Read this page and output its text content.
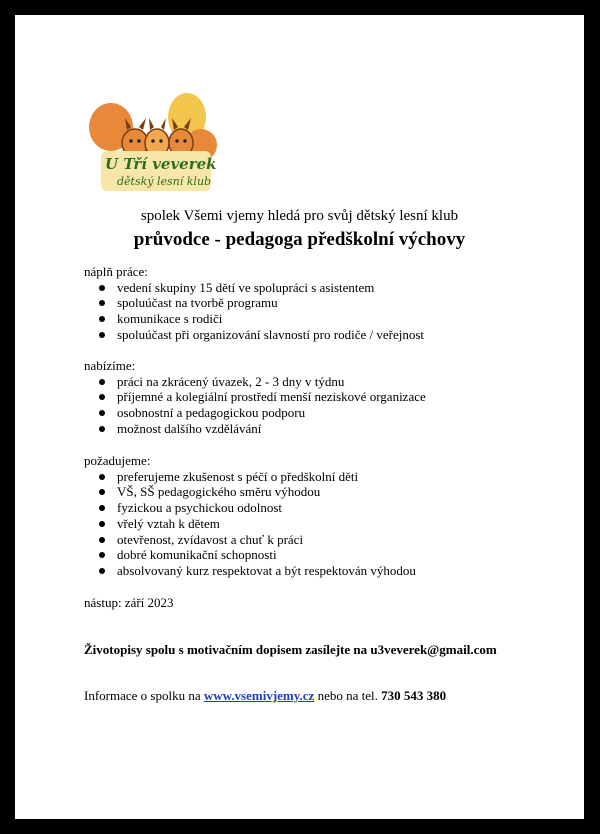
U Tří veverek
dětský lesní klub
spolek Všemi vjemy hledá pro svůj dětský lesní klub
průvodce - pedagoga předškolní výchovy

náplň práce:

vedení skupiny 15 dětí ve spolupráci s asistentem
spoluúčast na tvorbě programu
komunikace s rodiči
spoluúčast při organizování slavností pro rodiče / veřejnost

nabízíme:

práci na zkrácený úvazek, 2 - 3 dny v týdnu
příjemné a kolegiální prostředí menší neziskové organizace
osobnostní a pedagogickou podporu
možnost dalšího vzdělávání

požadujeme:

preferujeme zkušenost s péčí o předškolní děti
VŠ, SŠ pedagogického směru výhodou
fyzickou a psychickou odolnost
vřelý vztah k dětem
otevřenost, zvídavost a chuť k práci
dobré komunikační schopnosti
absolvovaný kurz respektovat a být respektován výhodou
nástup: září 2023
Životopisy spolu s motivačním dopisem zasílejte na u3veverek@gmail.com
Informace o spolku na www.vsemivjemy.cz nebo na tel. 730 543 380
